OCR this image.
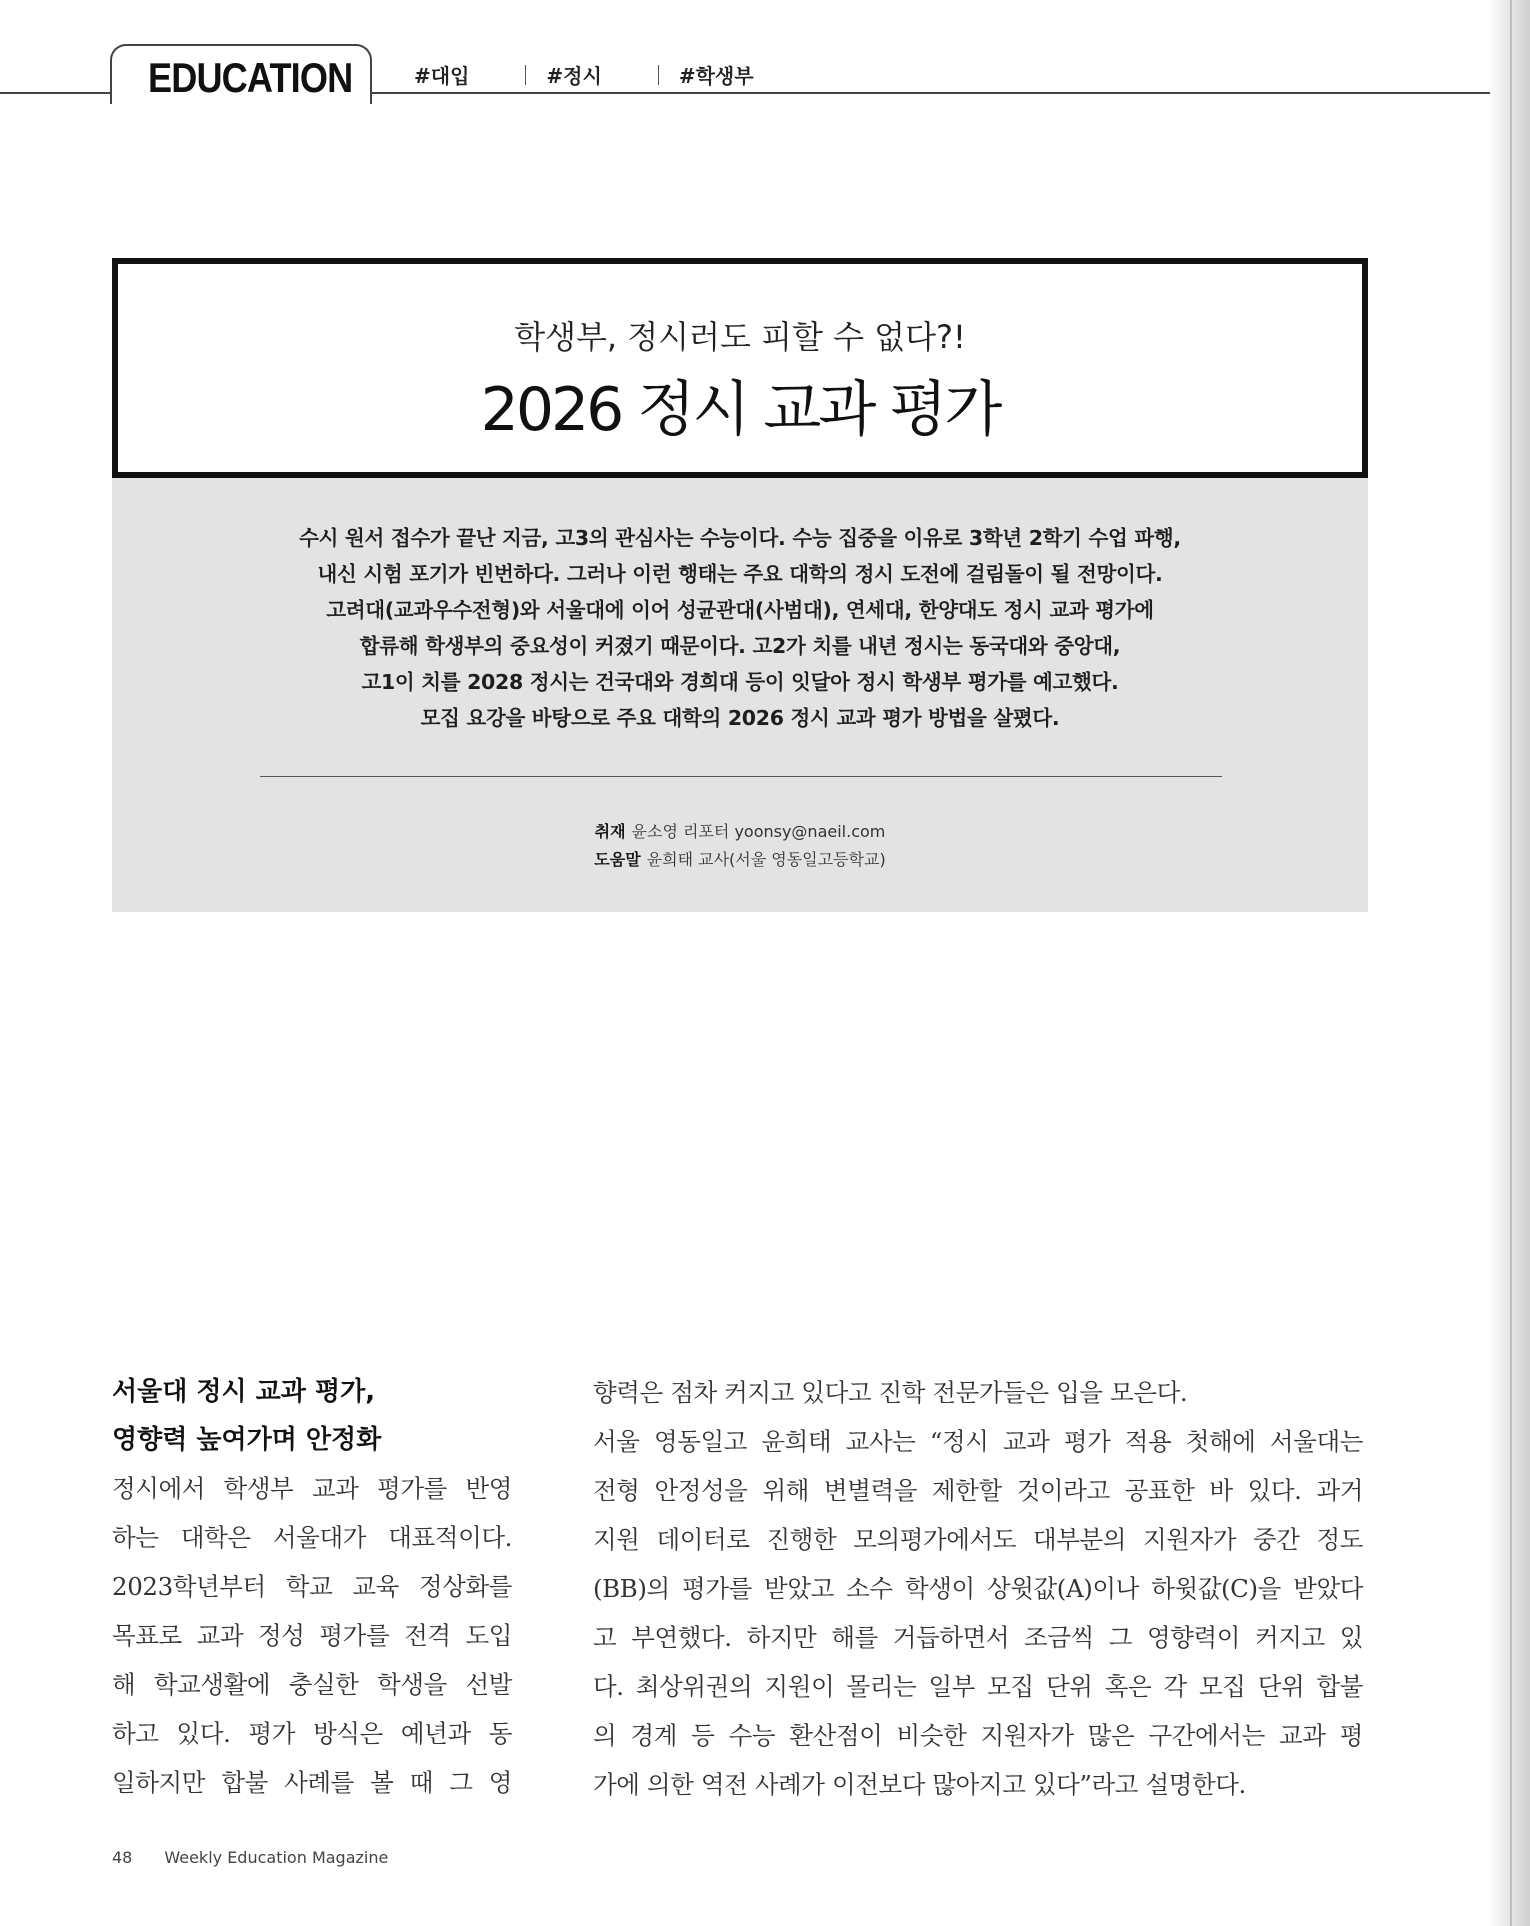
EDUCATION	#대입	#정시	#학생부
학생부, 정시러도 피할 수 없다?!
2026 정시 교과 평가
수시 원서 접수가 끝난 지금, 고3의 관심사는 수능이다. 수능 집중을 이유로 3학년 2학기 수업 파행,
내신 시험 포기가 빈번하다. 그러나 이런 행태는 주요 대학의 정시 도전에 걸림돌이 될 전망이다.
고려대(교과우수전형)와 서울대에 이어 성균관대(사범대), 연세대, 한양대도 정시 교과 평가에
합류해 학생부의 중요성이 커졌기 때문이다. 고2가 치를 내년 정시는 동국대와 중앙대,
고1이 치를 2028 정시는 건국대와 경희대 등이 잇달아 정시 학생부 평가를 예고했다.
모집 요강을 바탕으로 주요 대학의 2026 정시 교과 평가 방법을 살폈다.
취재 윤소영 리포터 yoonsy@naeil.com
도움말 윤희태 교사(서울 영동일고등학교)
서울대 정시 교과 평가,
영향력 높여가며 안정화
정시에서 학생부 교과 평가를 반영
하는 대학은 서울대가 대표적이다.
2023학년부터 학교 교육 정상화를
목표로 교과 정성 평가를 전격 도입
해 학교생활에 충실한 학생을 선발
하고 있다. 평가 방식은 예년과 동
일하지만 합불 사례를 볼 때 그 영
향력은 점차 커지고 있다고 진학 전문가들은 입을 모은다.
서울 영동일고 윤희태 교사는 “정시 교과 평가 적용 첫해에 서울대는
전형 안정성을 위해 변별력을 제한할 것이라고 공표한 바 있다. 과거
지원 데이터로 진행한 모의평가에서도 대부분의 지원자가 중간 정도
(BB)의 평가를 받았고 소수 학생이 상윗값(A)이나 하윗값(C)을 받았다
고 부연했다. 하지만 해를 거듭하면서 조금씩 그 영향력이 커지고 있
다. 최상위권의 지원이 몰리는 일부 모집 단위 혹은 각 모집 단위 합불
의 경계 등 수능 환산점이 비슷한 지원자가 많은 구간에서는 교과 평
가에 의한 역전 사례가 이전보다 많아지고 있다”라고 설명한다.
48 Weekly Education Magazine
